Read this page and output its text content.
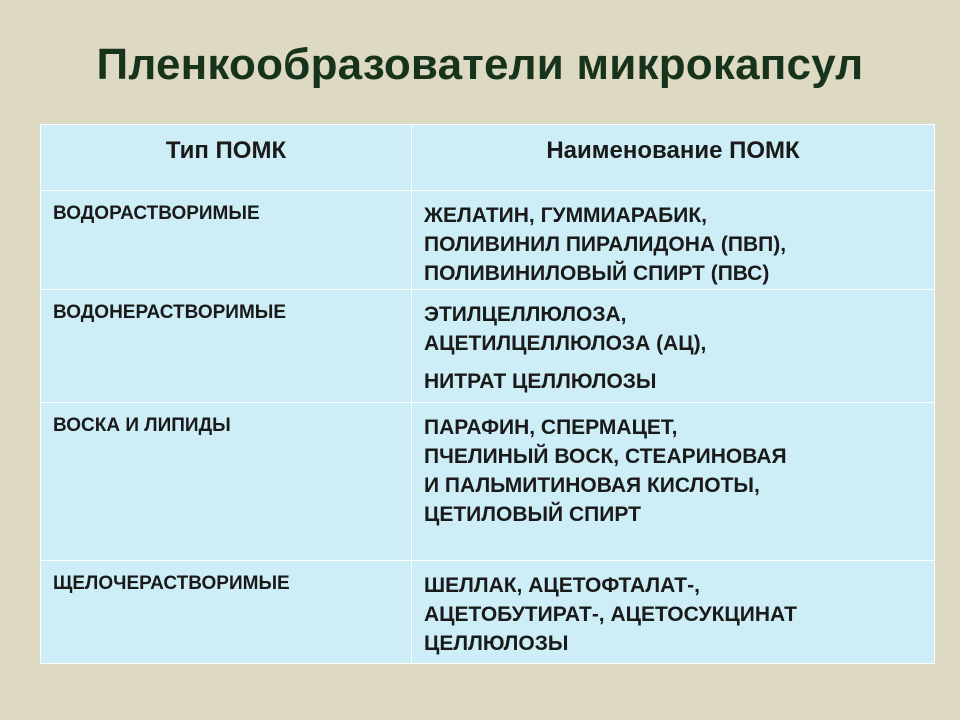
Пленкообразователи микрокапсул
Тип ПОМК	Наименование ПОМК
ВОДОРАСТВОРИМЫЕ	ЖЕЛАТИН, ГУММИАРАБИК,
ПОЛИВИНИЛ ПИРАЛИДОНА (ПВП),
ПОЛИВИНИЛОВЫЙ СПИРТ (ПВС)

ВОДОНЕРАСТВОРИМЫЕ	ЭТИЛЦЕЛЛЮЛОЗА,
АЦЕТИЛЦЕЛЛЮЛОЗА (АЦ),
НИТРАТ ЦЕЛЛЮЛОЗЫ

ВОСКА И ЛИПИДЫ	ПАРАФИН, СПЕРМАЦЕТ,
ПЧЕЛИНЫЙ ВОСК, СТЕАРИНОВАЯ
И ПАЛЬМИТИНОВАЯ КИСЛОТЫ,
ЦЕТИЛОВЫЙ СПИРТ

ЩЕЛОЧЕРАСТВОРИМЫЕ	ШЕЛЛАК, АЦЕТОФТАЛАТ-,
АЦЕТОБУТИРАТ-, АЦЕТОСУКЦИНАТ
ЦЕЛЛЮЛОЗЫ
